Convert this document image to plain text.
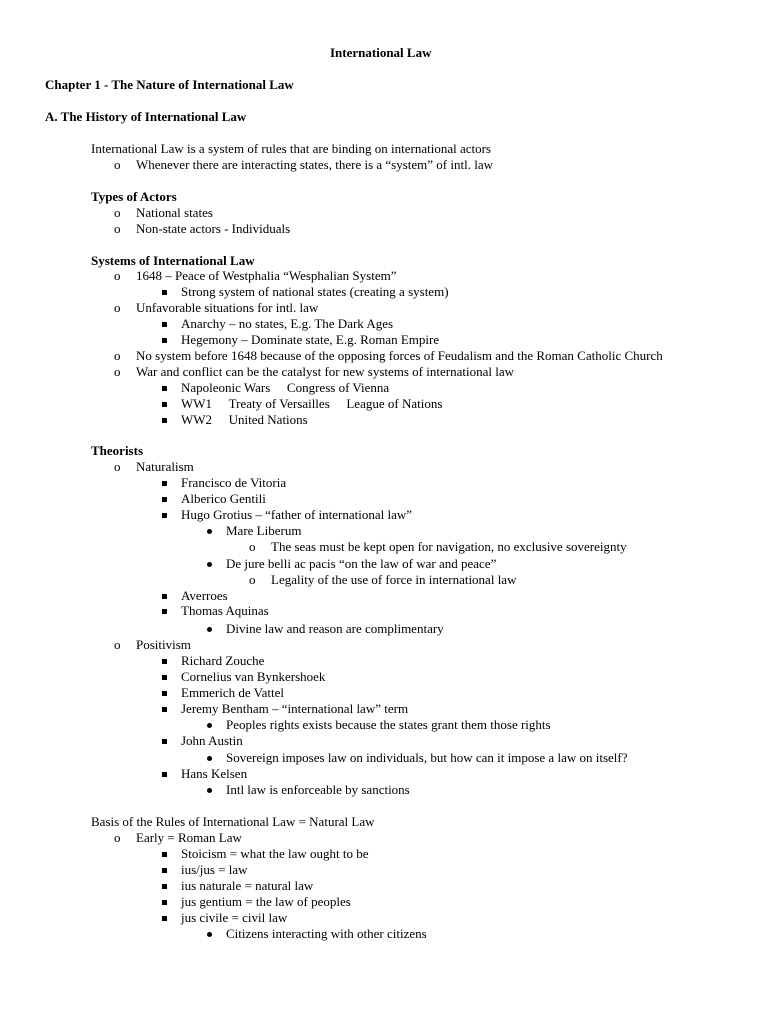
International Law
Chapter 1 - The Nature of International Law
A. The History of International Law
International Law is a system of rules that are binding on international actors
o Whenever there are interacting states, there is a “system” of intl. law
Types of Actors
o National states
o Non-state actors - Individuals
Systems of International Law
o 1648 – Peace of Westphalia “Wesphalian System”
Strong system of national states (creating a system)
o Unfavorable situations for intl. law
Anarchy – no states, E.g. The Dark Ages
Hegemony – Dominate state, E.g. Roman Empire
o No system before 1648 because of the opposing forces of Feudalism and the Roman Catholic Church
o War and conflict can be the catalyst for new systems of international law
Napoleonic Wars Congress of Vienna
WW1 Treaty of Versailles League of Nations
WW2 United Nations
Theorists
o Naturalism
Francisco de Vitoria
Alberico Gentili
Hugo Grotius – “father of international law”
Mare Liberum
o The seas must be kept open for navigation, no exclusive sovereignty
De jure belli ac pacis “on the law of war and peace”
o Legality of the use of force in international law
Averroes
Thomas Aquinas
Divine law and reason are complimentary
o Positivism
Richard Zouche
Cornelius van Bynkershoek
Emmerich de Vattel
Jeremy Bentham – “international law” term
Peoples rights exists because the states grant them those rights
John Austin
Sovereign imposes law on individuals, but how can it impose a law on itself?
Hans Kelsen
Intl law is enforceable by sanctions
Basis of the Rules of International Law = Natural Law
o Early = Roman Law
Stoicism = what the law ought to be
ius/jus = law
ius naturale = natural law
jus gentium = the law of peoples
jus civile = civil law
Citizens interacting with other citizens
